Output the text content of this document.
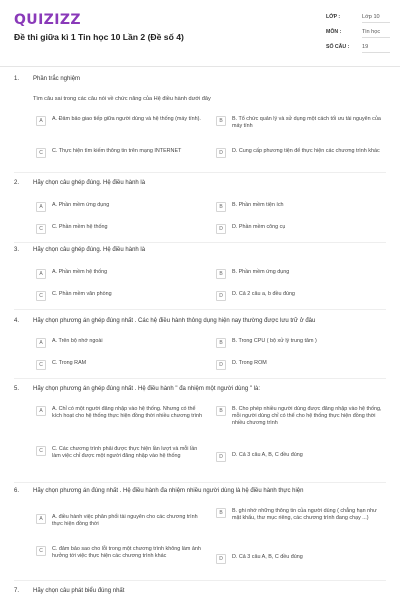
QUIZIZZ
Đề thi giữa kì 1 Tin học 10 Lần 2 (Đề số 4)
LỚP :	Lớp 10
MÔN :	Tin học
SỐ CÂU :	19
1. Phần trắc nghiệm
Tìm câu sai trong các câu nói về chức năng của Hệ điều hành dưới đây
A	A. Đảm bảo giao tiếp giữa người dùng và hệ thống (máy tính).	B	B. Tổ chức quản lý và sử dụng một cách tối ưu tài nguyên của máy tính
C	C. Thực hiện tìm kiếm thông tin trên mạng INTERNET	D	D. Cung cấp phương tiện để thực hiện các chương trình khác
2. Hãy chọn câu ghép đúng. Hệ điều hành là
A	A. Phần mềm ứng dụng	B	B. Phần mềm tiện ích
C	C. Phần mềm hệ thống	D	D. Phần mềm công cụ
3. Hãy chọn câu ghép đúng. Hệ điều hành là
A	A. Phần mềm hệ thống	B	B. Phần mềm ứng dụng
C	C. Phần mềm văn phòng	D	D. Cả 2 câu a, b đều đúng
4. Hãy chọn phương án ghép đúng nhất . Các hệ điều hành thông dụng hiện nay thường được lưu trữ ở đâu
A	A. Trên bộ nhớ ngoài	B	B. Trong CPU ( bộ xử lý trung tâm )
C	C. Trong RAM	D	D. Trong ROM
5. Hãy chọn phương án ghép đúng nhất . Hệ điều hành " đa nhiệm một người dùng " là:
A	A. Chỉ có một người đăng nhập vào hệ thống. Nhưng có thể kích hoạt cho hệ thống thực hiện đồng thời nhiều chương trình
B	B. Cho phép nhiều người dùng được đăng nhập vào hệ thống, mỗi người dùng chỉ có thể cho hệ thống thực hiện đồng thời nhiều chương trình
C	C. Các chương trình phải được thực hiện lần lượt và mỗi lần làm việc chỉ được một người đăng nhập vào hệ thống	D	D. Cả 3 câu A, B, C đều đúng
6. Hãy chọn phương án đúng nhất . Hệ điều hành đa nhiệm nhiều người dùng là hệ điều hành thực hiện
A	A. điều hành việc phân phối tài nguyên cho các chương trình thực hiện đồng thời
B	B. ghi nhớ những thông tin của người dùng ( chẳng hạn như mật khẩu, thư mục riêng, các chương trình đang chạy ...)
C	C. đảm bảo sao cho lỗi trong một chương trình không làm ảnh hưởng tới việc thực hiện các chương trình khác	D	D. Cả 3 câu A, B, C đều đúng
7. Hãy chọn câu phát biểu đúng nhất
